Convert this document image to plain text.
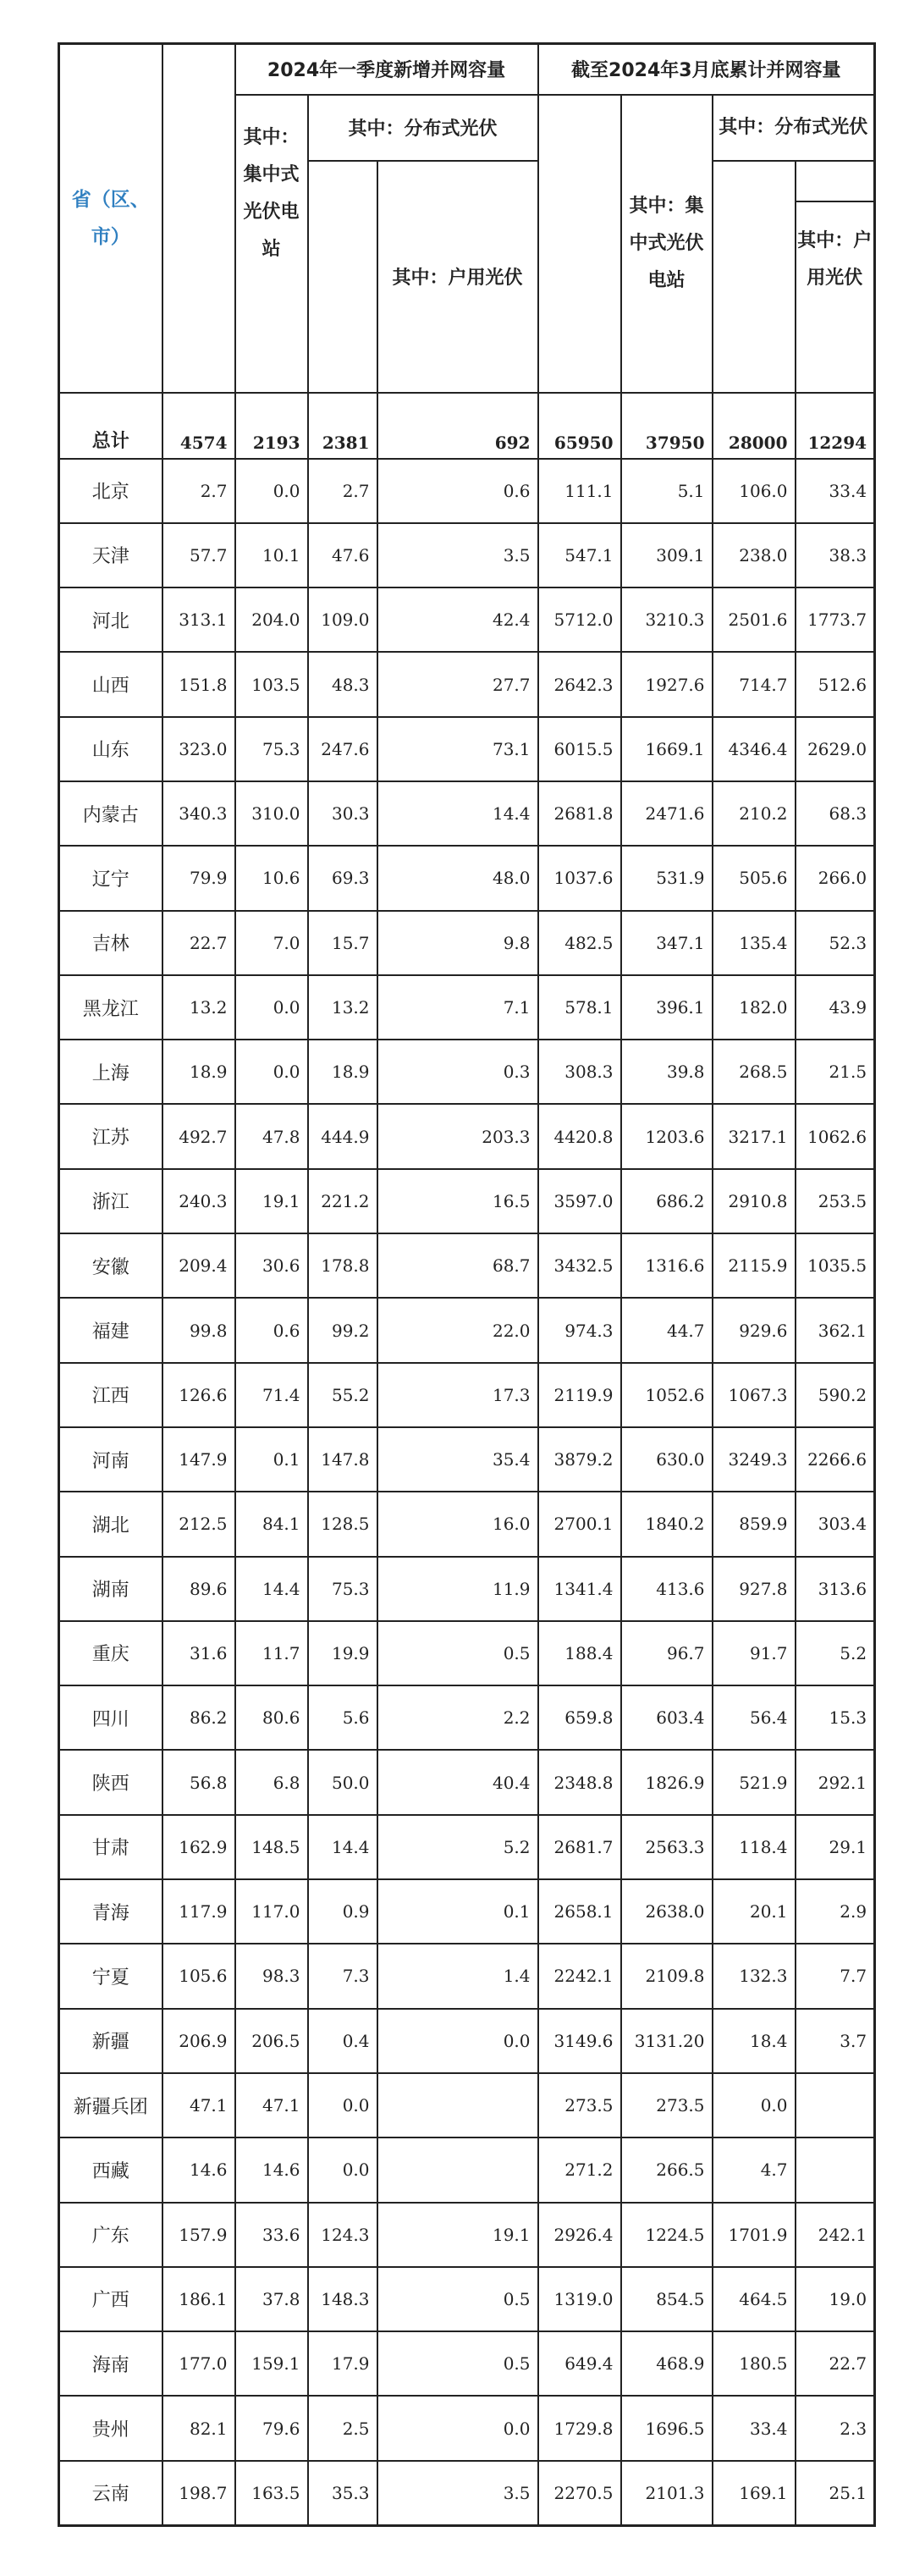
省（区、市）		2024年一季度新增并网容量			截至2024年3月底累计并网容量			
		其中：集中式光伏电站	其中：分布式光伏			其中：集中式光伏电站	其中：分布式光伏	
				其中：户用光伏				
								其中：户用光伏
总计	4574	2193	2381	692	65950	37950	28000	12294
北京	2.7	0.0	2.7	0.6	111.1	5.1	106.0	33.4
天津	57.7	10.1	47.6	3.5	547.1	309.1	238.0	38.3
河北	313.1	204.0	109.0	42.4	5712.0	3210.3	2501.6	1773.7
山西	151.8	103.5	48.3	27.7	2642.3	1927.6	714.7	512.6
山东	323.0	75.3	247.6	73.1	6015.5	1669.1	4346.4	2629.0
内蒙古	340.3	310.0	30.3	14.4	2681.8	2471.6	210.2	68.3
辽宁	79.9	10.6	69.3	48.0	1037.6	531.9	505.6	266.0
吉林	22.7	7.0	15.7	9.8	482.5	347.1	135.4	52.3
黑龙江	13.2	0.0	13.2	7.1	578.1	396.1	182.0	43.9
上海	18.9	0.0	18.9	0.3	308.3	39.8	268.5	21.5
江苏	492.7	47.8	444.9	203.3	4420.8	1203.6	3217.1	1062.6
浙江	240.3	19.1	221.2	16.5	3597.0	686.2	2910.8	253.5
安徽	209.4	30.6	178.8	68.7	3432.5	1316.6	2115.9	1035.5
福建	99.8	0.6	99.2	22.0	974.3	44.7	929.6	362.1
江西	126.6	71.4	55.2	17.3	2119.9	1052.6	1067.3	590.2
河南	147.9	0.1	147.8	35.4	3879.2	630.0	3249.3	2266.6
湖北	212.5	84.1	128.5	16.0	2700.1	1840.2	859.9	303.4
湖南	89.6	14.4	75.3	11.9	1341.4	413.6	927.8	313.6
重庆	31.6	11.7	19.9	0.5	188.4	96.7	91.7	5.2
四川	86.2	80.6	5.6	2.2	659.8	603.4	56.4	15.3
陕西	56.8	6.8	50.0	40.4	2348.8	1826.9	521.9	292.1
甘肃	162.9	148.5	14.4	5.2	2681.7	2563.3	118.4	29.1
青海	117.9	117.0	0.9	0.1	2658.1	2638.0	20.1	2.9
宁夏	105.6	98.3	7.3	1.4	2242.1	2109.8	132.3	7.7
新疆	206.9	206.5	0.4	0.0	3149.6	3131.20	18.4	3.7
新疆兵团	47.1	47.1	0.0		273.5	273.5	0.0	
西藏	14.6	14.6	0.0		271.2	266.5	4.7	
广东	157.9	33.6	124.3	19.1	2926.4	1224.5	1701.9	242.1
广西	186.1	37.8	148.3	0.5	1319.0	854.5	464.5	19.0
海南	177.0	159.1	17.9	0.5	649.4	468.9	180.5	22.7
贵州	82.1	79.6	2.5	0.0	1729.8	1696.5	33.4	2.3
云南	198.7	163.5	35.3	3.5	2270.5	2101.3	169.1	25.1
